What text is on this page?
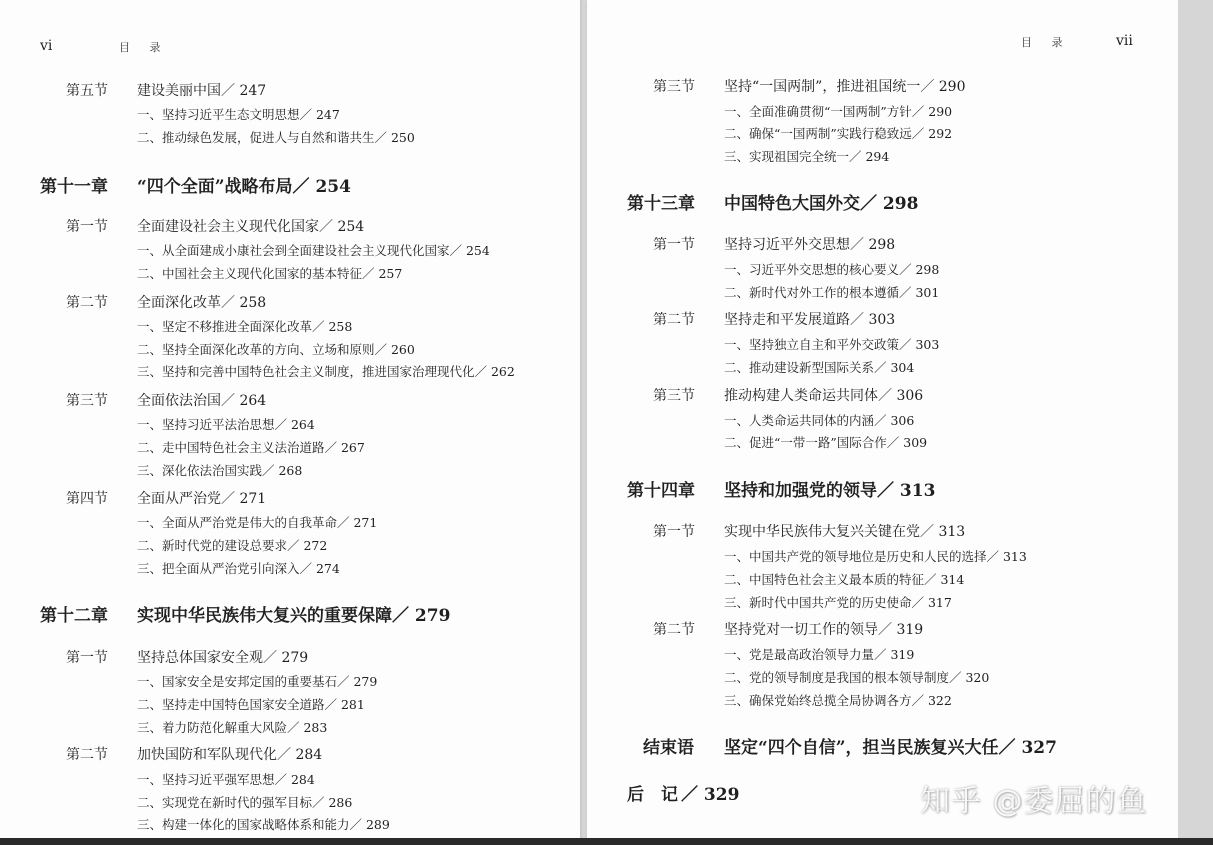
vi	目 录
第五节 建设美丽中国／ 247
一、坚持习近平生态文明思想／ 247
二、推动绿色发展，促进人与自然和谐共生／ 250
第十一章 “四个全面”战略布局／ 254
第一节 全面建设社会主义现代化国家／ 254
一、从全面建成小康社会到全面建设社会主义现代化国家／ 254
二、中国社会主义现代化国家的基本特征／ 257
第二节 全面深化改革／ 258
一、坚定不移推进全面深化改革／ 258
二、坚持全面深化改革的方向、立场和原则／ 260
三、坚持和完善中国特色社会主义制度，推进国家治理现代化／ 262
第三节 全面依法治国／ 264
一、坚持习近平法治思想／ 264
二、走中国特色社会主义法治道路／ 267
三、深化依法治国实践／ 268
第四节 全面从严治党／ 271
一、全面从严治党是伟大的自我革命／ 271
二、新时代党的建设总要求／ 272
三、把全面从严治党引向深入／ 274
第十二章 实现中华民族伟大复兴的重要保障／ 279
第一节 坚持总体国家安全观／ 279
一、国家安全是安邦定国的重要基石／ 279
二、坚持走中国特色国家安全道路／ 281
三、着力防范化解重大风险／ 283
第二节 加快国防和军队现代化／ 284
一、坚持习近平强军思想／ 284
二、实现党在新时代的强军目标／ 286
三、构建一体化的国家战略体系和能力／ 289
目 录	vii
第三节 坚持“一国两制”，推进祖国统一／ 290
一、全面准确贯彻“一国两制”方针／ 290
二、确保“一国两制”实践行稳致远／ 292
三、实现祖国完全统一／ 294
第十三章 中国特色大国外交／ 298
第一节 坚持习近平外交思想／ 298
一、习近平外交思想的核心要义／ 298
二、新时代对外工作的根本遵循／ 301
第二节 坚持走和平发展道路／ 303
一、坚持独立自主和平外交政策／ 303
二、推动建设新型国际关系／ 304
第三节 推动构建人类命运共同体／ 306
一、人类命运共同体的内涵／ 306
二、促进“一带一路”国际合作／ 309
第十四章 坚持和加强党的领导／ 313
第一节 实现中华民族伟大复兴关键在党／ 313
一、中国共产党的领导地位是历史和人民的选择／ 313
二、中国特色社会主义最本质的特征／ 314
三、新时代中国共产党的历史使命／ 317
第二节 坚持党对一切工作的领导／ 319
一、党是最高政治领导力量／ 319
二、党的领导制度是我国的根本领导制度／ 320
三、确保党始终总揽全局协调各方／ 322
结束语 坚定“四个自信”，担当民族复兴大任／ 327
后　记 ／ 329	知乎 @委屈的鱼
